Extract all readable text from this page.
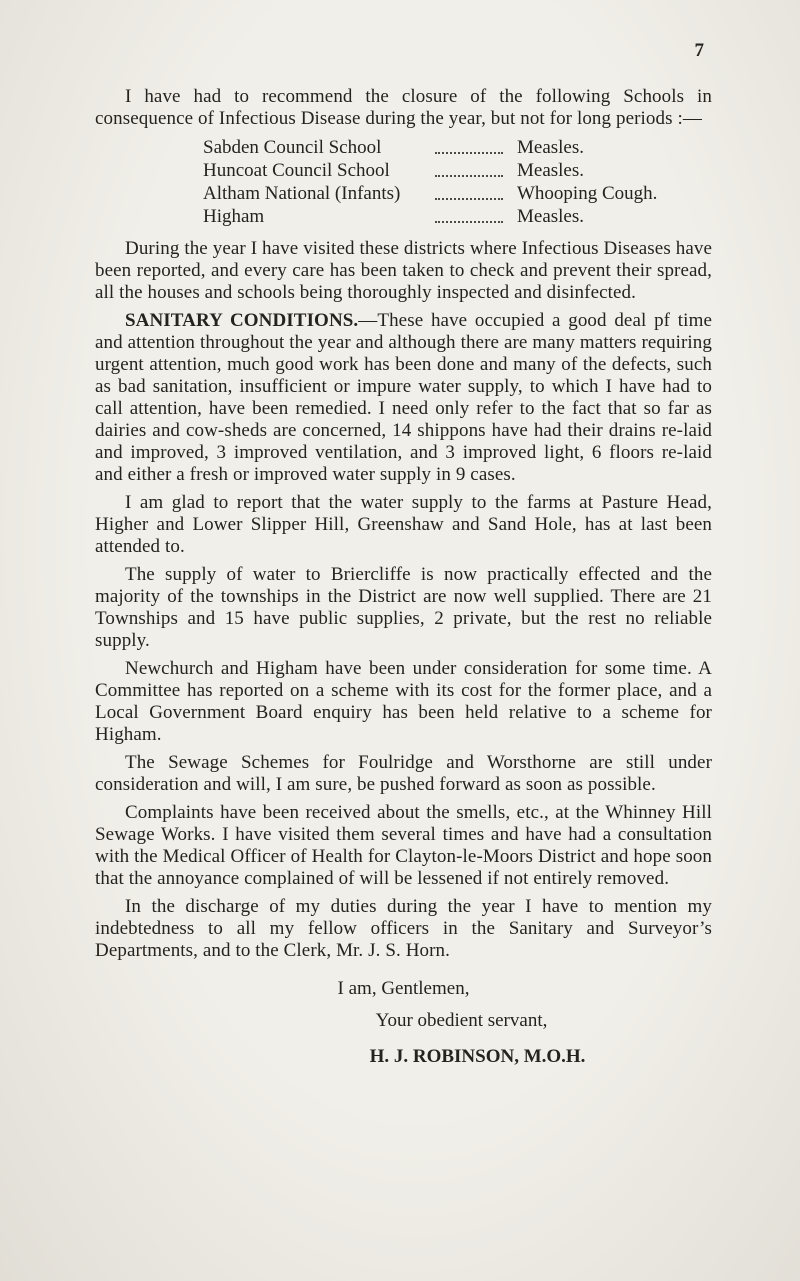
7

I have had to recommend the closure of the following Schools in consequence of Infectious Disease during the year, but not for long periods :—

Sabden Council School	Measles.
Huncoat Council School	Measles.
Altham National (Infants)	Whooping Cough.
Higham	Measles.

During the year I have visited these districts where Infectious Diseases have been reported, and every care has been taken to check and prevent their spread, all the houses and schools being thoroughly inspected and disinfected.

SANITARY CONDITIONS.—These have occupied a good deal pf time and attention throughout the year and although there are many matters requiring urgent attention, much good work has been done and many of the defects, such as bad sanitation, insufficient or impure water supply, to which I have had to call attention, have been remedied. I need only refer to the fact that so far as dairies and cow-sheds are concerned, 14 shippons have had their drains re-laid and improved, 3 improved ventilation, and 3 improved light, 6 floors re-laid and either a fresh or improved water supply in 9 cases.

I am glad to report that the water supply to the farms at Pasture Head, Higher and Lower Slipper Hill, Greenshaw and Sand Hole, has at last been attended to.

The supply of water to Briercliffe is now practically effected and the majority of the townships in the District are now well supplied. There are 21 Townships and 15 have public supplies, 2 private, but the rest no reliable supply.

Newchurch and Higham have been under consideration for some time. A Committee has reported on a scheme with its cost for the former place, and a Local Government Board enquiry has been held relative to a scheme for Higham.

The Sewage Schemes for Foulridge and Worsthorne are still under consideration and will, I am sure, be pushed forward as soon as possible.

Complaints have been received about the smells, etc., at the Whinney Hill Sewage Works. I have visited them several times and have had a consultation with the Medical Officer of Health for Clayton-le-Moors District and hope soon that the annoyance complained of will be lessened if not entirely removed.

In the discharge of my duties during the year I have to mention my indebtedness to all my fellow officers in the Sanitary and Surveyor’s Departments, and to the Clerk, Mr. J. S. Horn.

I am, Gentlemen,

Your obedient servant,

H. J. ROBINSON, M.O.H.
